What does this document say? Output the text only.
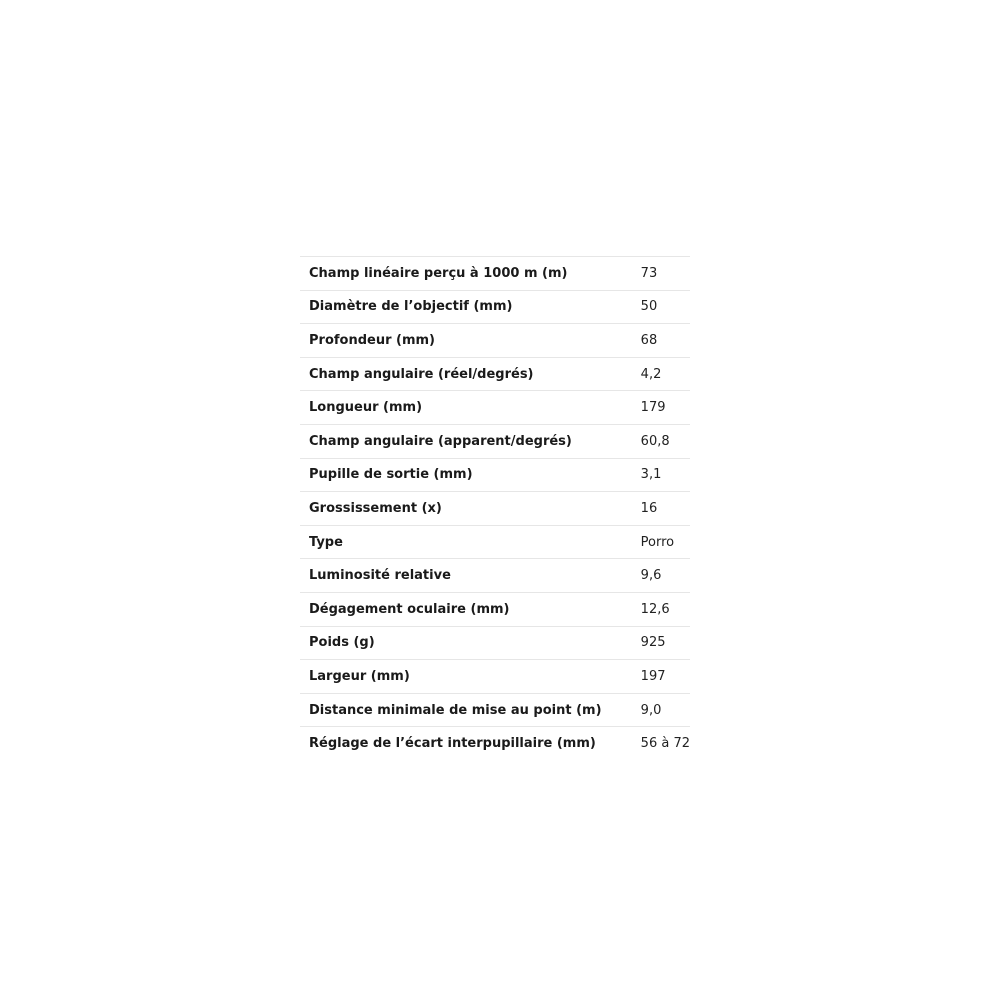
Champ linéaire perçu à 1000 m (m)	73
Diamètre de l’objectif (mm)	50
Profondeur (mm)	68
Champ angulaire (réel/degrés)	4,2
Longueur (mm)	179
Champ angulaire (apparent/degrés)	60,8
Pupille de sortie (mm)	3,1
Grossissement (x)	16
Type	Porro
Luminosité relative	9,6
Dégagement oculaire (mm)	12,6
Poids (g)	925
Largeur (mm)	197
Distance minimale de mise au point (m)	9,0
Réglage de l’écart interpupillaire (mm)	56 à 72
